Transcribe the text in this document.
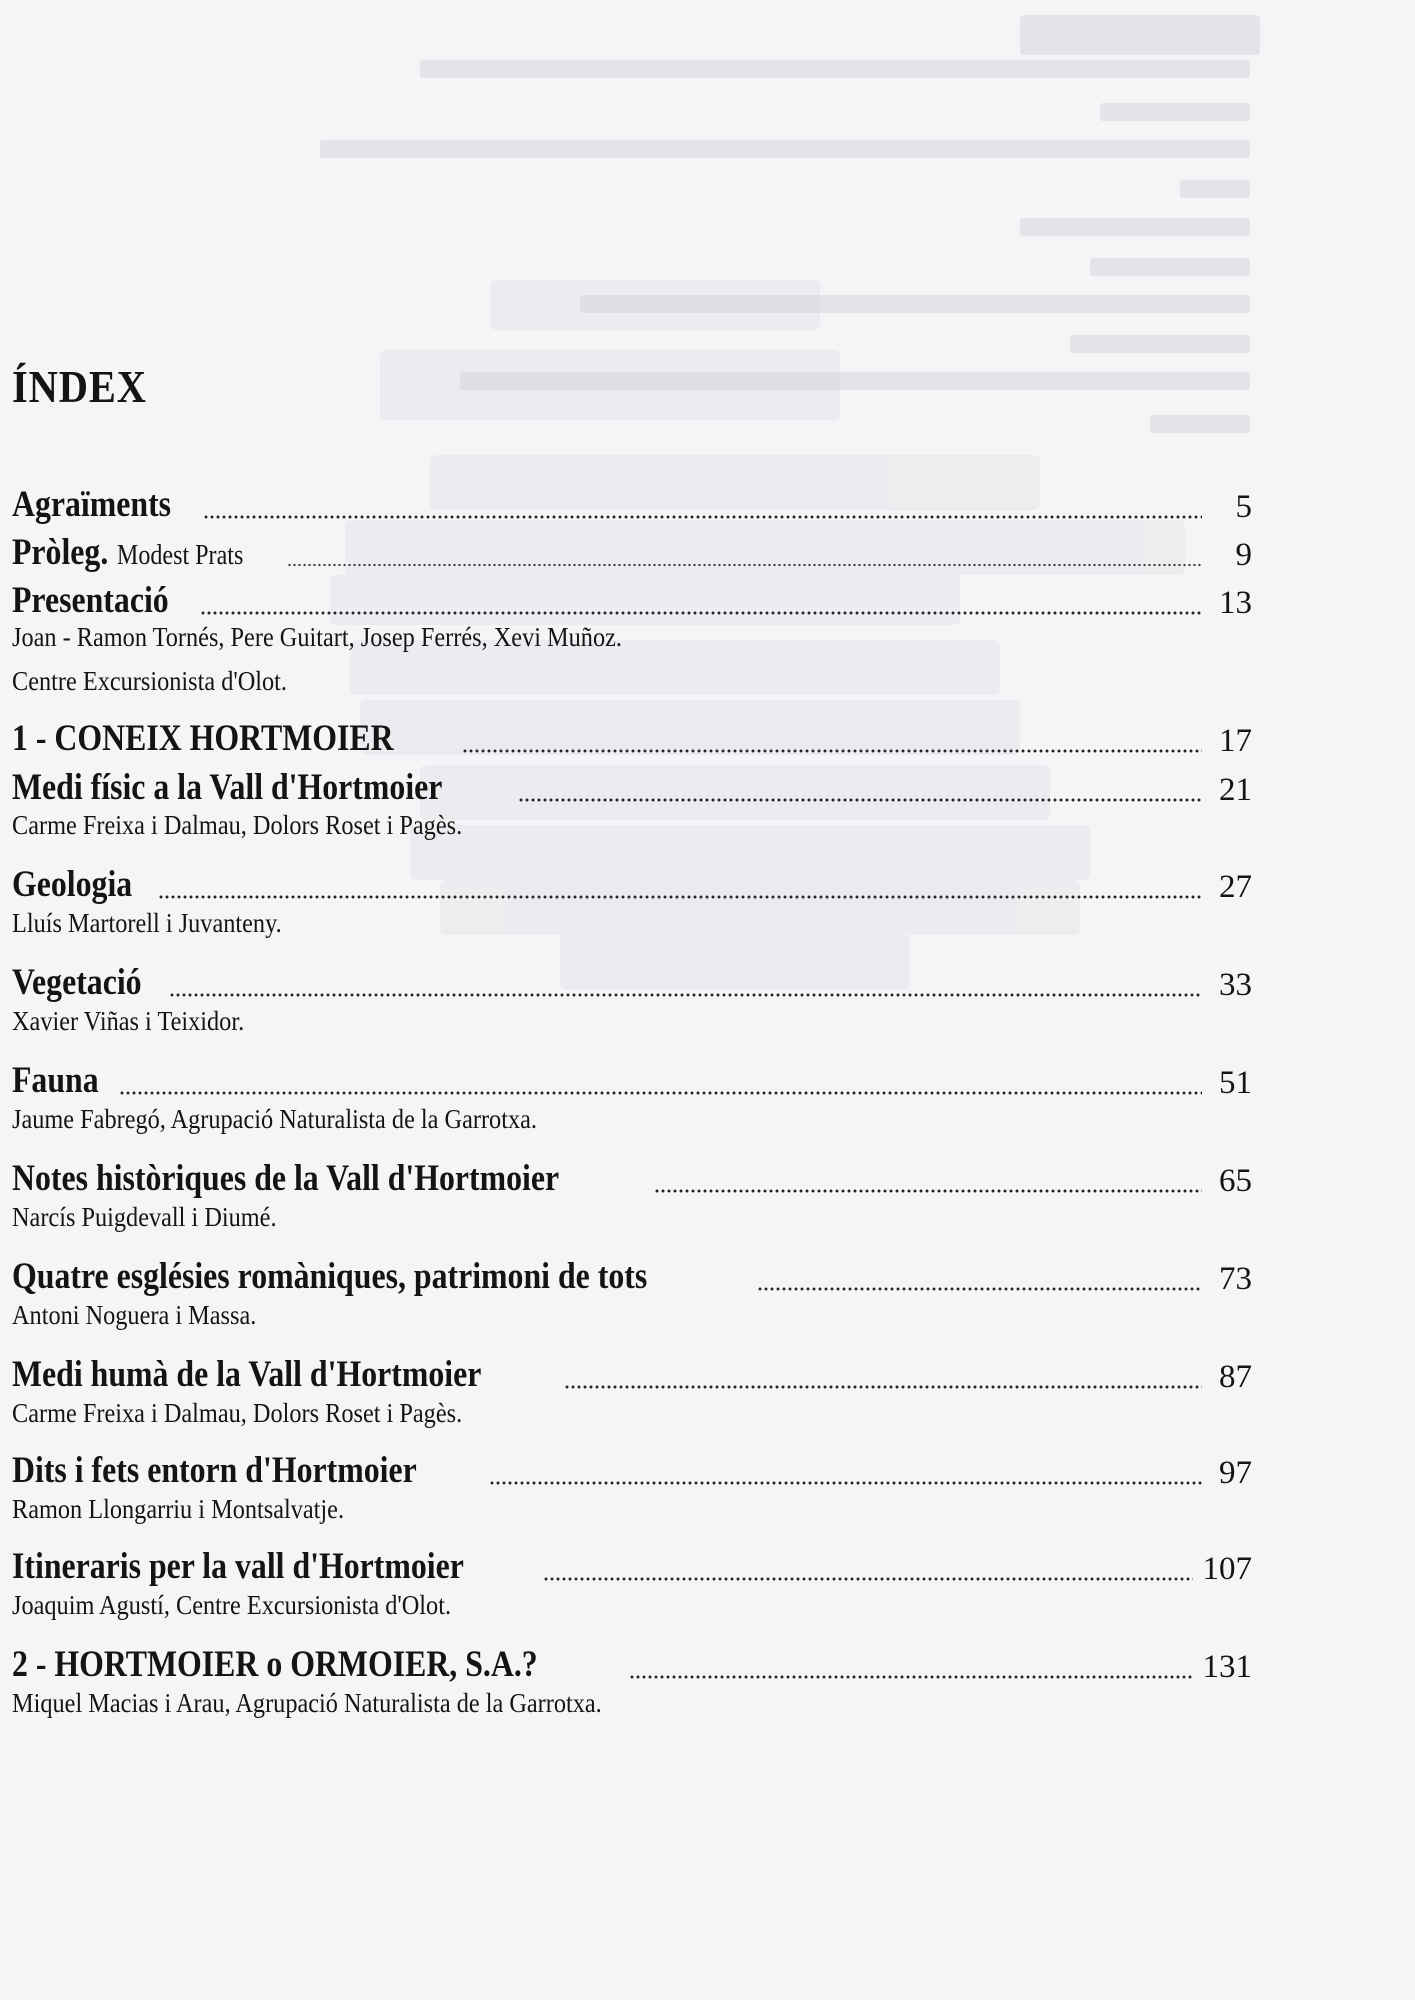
ÍNDEX
Agraïments	5
Pròleg. Modest Prats	9
Presentació	13
Joan - Ramon Tornés, Pere Guitart, Josep Ferrés, Xevi Muñoz.
Centre Excursionista d'Olot.
1 - CONEIX HORTMOIER	17
Medi físic a la Vall d'Hortmoier	21
Carme Freixa i Dalmau, Dolors Roset i Pagès.
Geologia	27
Lluís Martorell i Juvanteny.
Vegetació	33
Xavier Viñas i Teixidor.
Fauna	51
Jaume Fabregó, Agrupació Naturalista de la Garrotxa.
Notes històriques de la Vall d'Hortmoier	65
Narcís Puigdevall i Diumé.
Quatre esglésies romàniques, patrimoni de tots	73
Antoni Noguera i Massa.
Medi humà de la Vall d'Hortmoier	87
Carme Freixa i Dalmau, Dolors Roset i Pagès.
Dits i fets entorn d'Hortmoier	97
Ramon Llongarriu i Montsalvatje.
Itineraris per la vall d'Hortmoier	107
Joaquim Agustí, Centre Excursionista d'Olot.
2 - HORTMOIER o ORMOIER, S.A.?	131
Miquel Macias i Arau, Agrupació Naturalista de la Garrotxa.
